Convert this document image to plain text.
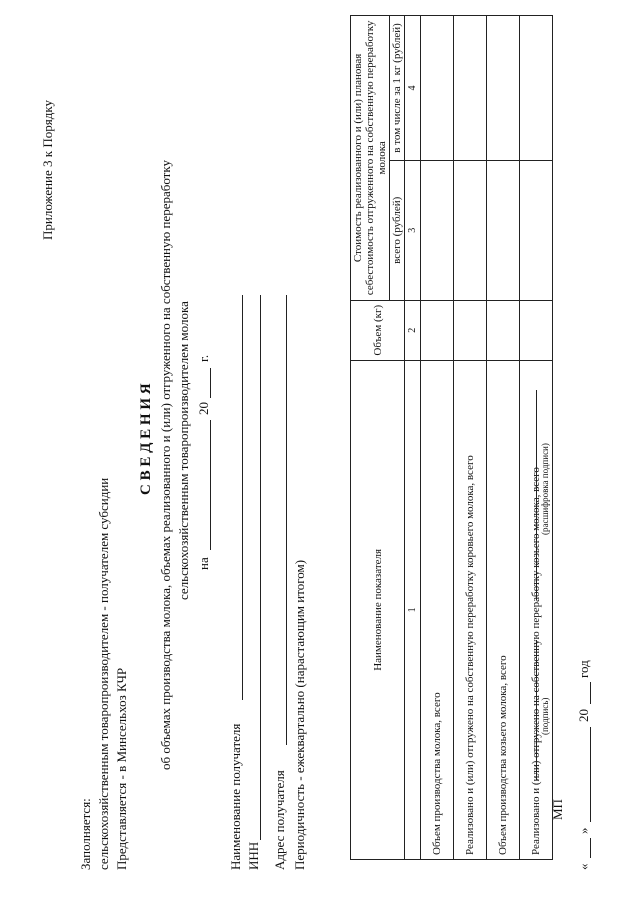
Приложение 3 к Порядку
Заполняется: сельскохозяйственным товаропроизводителем - получателем субсидии Представляется - в Минсельхоз КЧР
С В Е Д Е Н И Я об объемах производства молока, объемах реализованного и (или) отгруженного на собственную переработку сельскохозяйственным товаропроизводителем молока на
20
г.
Наименование получателя ИНН Адрес получателя Периодичность - ежеквартально (нарастающим итогом)	Наименование показателя	Объем (кг)	Стоимость реализованного и (или) плановая себестоимость отгруженного на собственную переработку молока	
		всего (рублей)	в том числе за 1 кг (рублей)
1	2	3	4
Объем производства молока, всего			
Реализовано и (или) отгружено на собственную переработку коровьего молока, всего			
Объем производства козьего молока, всего			
Реализовано и (или) отгружено на собственную переработку козьего молока, всего			
(подпись)
(расшифровка подписи)
МП
«
»
20
год
